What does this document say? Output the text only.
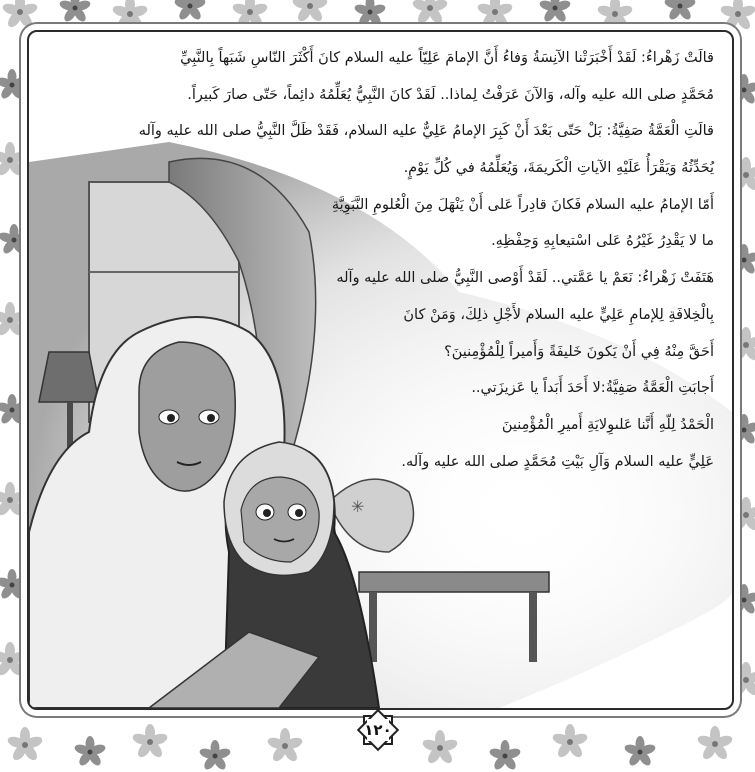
✳
قالَتْ زَهْراءُ: لَقَدْ أَخْبَرَتْنا الآنِسَةُ وَفاءُ أَنَّ الإمامَ عَلِيّاً عليه السلام كانَ أَكْثَرَ النّاسِ شَبَهاً بِالنَّبِيِّ
مُحَمَّدٍ صلى الله عليه وآله، وَالآنَ عَرَفْتُ لِماذا.. لَقَدْ كانَ النَّبِيُّ يُعَلِّمُهُ دائِماً، حَتّى صارَ كَبيراً.
قالَتِ الْعَمَّةُ صَفِيَّةُ: بَلْ حَتّى بَعْدَ أَنْ كَبِرَ الإمامُ عَلِيٌّ عليه السلام، فَقَدْ ظَلَّ النَّبِيُّ صلى الله عليه وآله
يُحَدِّثُهُ وَيَقْرَأُ عَلَيْهِ الآياتِ الْكَريمَةَ، وَيُعَلِّمُهُ في كُلِّ يَوْمٍ.
أَمّا الإمامُ عليه السلام فَكانَ قادِراً عَلى أَنْ يَنْهَلَ مِنَ الْعُلومِ النَّبَوِيَّةِ
ما لا يَقْدِرُ غَيْرُهُ عَلى اسْتيعابِهِ وَحِفْظِهِ.
هَتَفَتْ زَهْراءُ: نَعَمْ يا عَمَّتي.. لَقَدْ أَوْصى النَّبِيُّ صلى الله عليه وآله
بِالْخِلافَةِ لِلإمامِ عَلِيٍّ عليه السلام لأَجْلِ ذلِكَ، وَمَنْ كانَ
أَحَقَّ مِنْهُ فِي أَنْ يَكونَ خَليفَةً وَأَميراً لِلْمُؤْمِنينَ؟
أَجابَتِ الْعَمَّةُ صَفِيَّةُ:لا أَحَدَ أَبَداً يا عَزيزَتي..
الْحَمْدُ لِلّهِ أَنَّنا عَلىوِلايَةِ أَميرِ الْمُؤْمِنينَ
عَلِيٍّ عليه السلام وَآلِ بَيْتِ مُحَمَّدٍ صلى الله عليه وآله.
١٢٠
